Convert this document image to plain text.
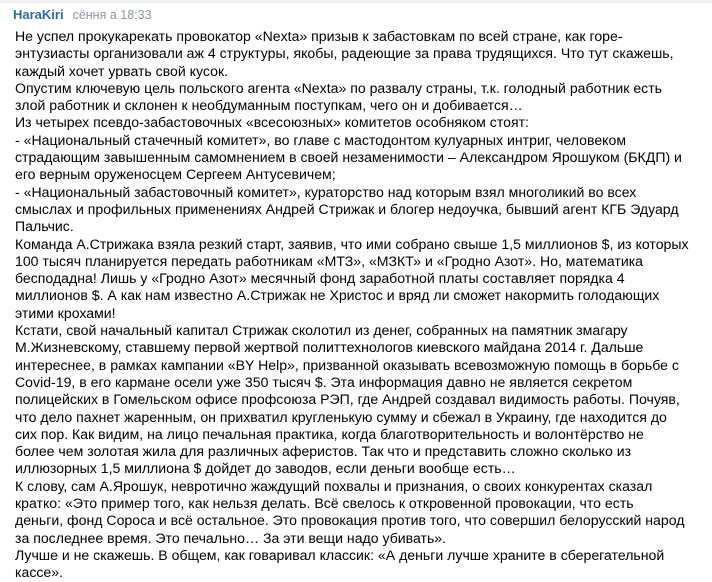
HaraKiri сёння а 18:33

Не успел прокукарекать провокатор «Nexta» призыв к забастовкам по всей стране, как горе-
энтузиасты организовали аж 4 структуры, якобы, радеющие за права трудящихся. Что тут скажешь,
каждый хочет урвать свой кусок.

Опустим ключевую цель польского агента «Nexta» по развалу страны, т.к. голодный работник есть
злой работник и склонен к необдуманным поступкам, чего он и добивается…

Из четырех псевдо-забастовочных «всесоюзных» комитетов особняком стоят:

- «Национальный стачечный комитет», во главе с мастодонтом кулуарных интриг, человеком
страдающим завышенным самомнением в своей незаменимости – Александром Ярошуком (БКДП) и
его верным оруженосцем Сергеем Антусевичем;

- «Национальный забастовочный комитет», кураторство над которым взял многоликий во всех
смыслах и профильных применениях Андрей Стрижак и блогер недоучка, бывший агент КГБ Эдуард
Пальчис.

Команда А.Стрижака взяла резкий старт, заявив, что ими собрано свыше 1,5 миллионов $, из которых
100 тысяч планируется передать работникам «МТЗ», «МЗКТ» и «Гродно Азот». Но, математика
бесподаднa! Лишь у «Гродно Азот» месячный фонд заработной платы составляет порядка 4
миллионов $. А как нам известно А.Стрижак не Христос и вряд ли сможет накормить голодающих
этими крохами!

Кстати, свой начальный капитал Стрижак сколотил из денег, собранных на памятник змагару
М.Жизневскому, ставшему первой жертвой политтехнологов киевского майдана 2014 г. Дальше
интереснее, в рамках кампании «BY Help», призванной оказывать всевозможную помощь в борьбе с
Covid-19, в его кармане осели уже 350 тысяч $. Эта информация давно не является секретом
полицейских в Гомельском офисе профсоюза РЭП, где Андрей создавал видимость работы. Почуяв,
что дело пахнет жаренным, он прихватил кругленькую сумму и сбежал в Украину, где находится до
сих пор. Как видим, на лицо печальная практика, когда благотворительность и волонтёрство не
более чем золотая жила для различных аферистов. Так что и представить сложно сколько из
иллюзорных 1,5 миллиона $ дойдет до заводов, если деньги вообще есть…

К слову, сам А.Ярошук, невротично жаждущий похвалы и признания, о своих конкурентах сказал
кратко: «Это пример того, как нельзя делать. Всё свелось к откровенной провокации, что есть
деньги, фонд Сороса и всё остальное. Это провокация против того, что совершил белорусский народ
за последнее время. Это печально… За эти вещи надо убивать».

Лучше и не скажешь. В общем, как говаривал классик: «А деньги лучше храните в сберегательной
кассе».
